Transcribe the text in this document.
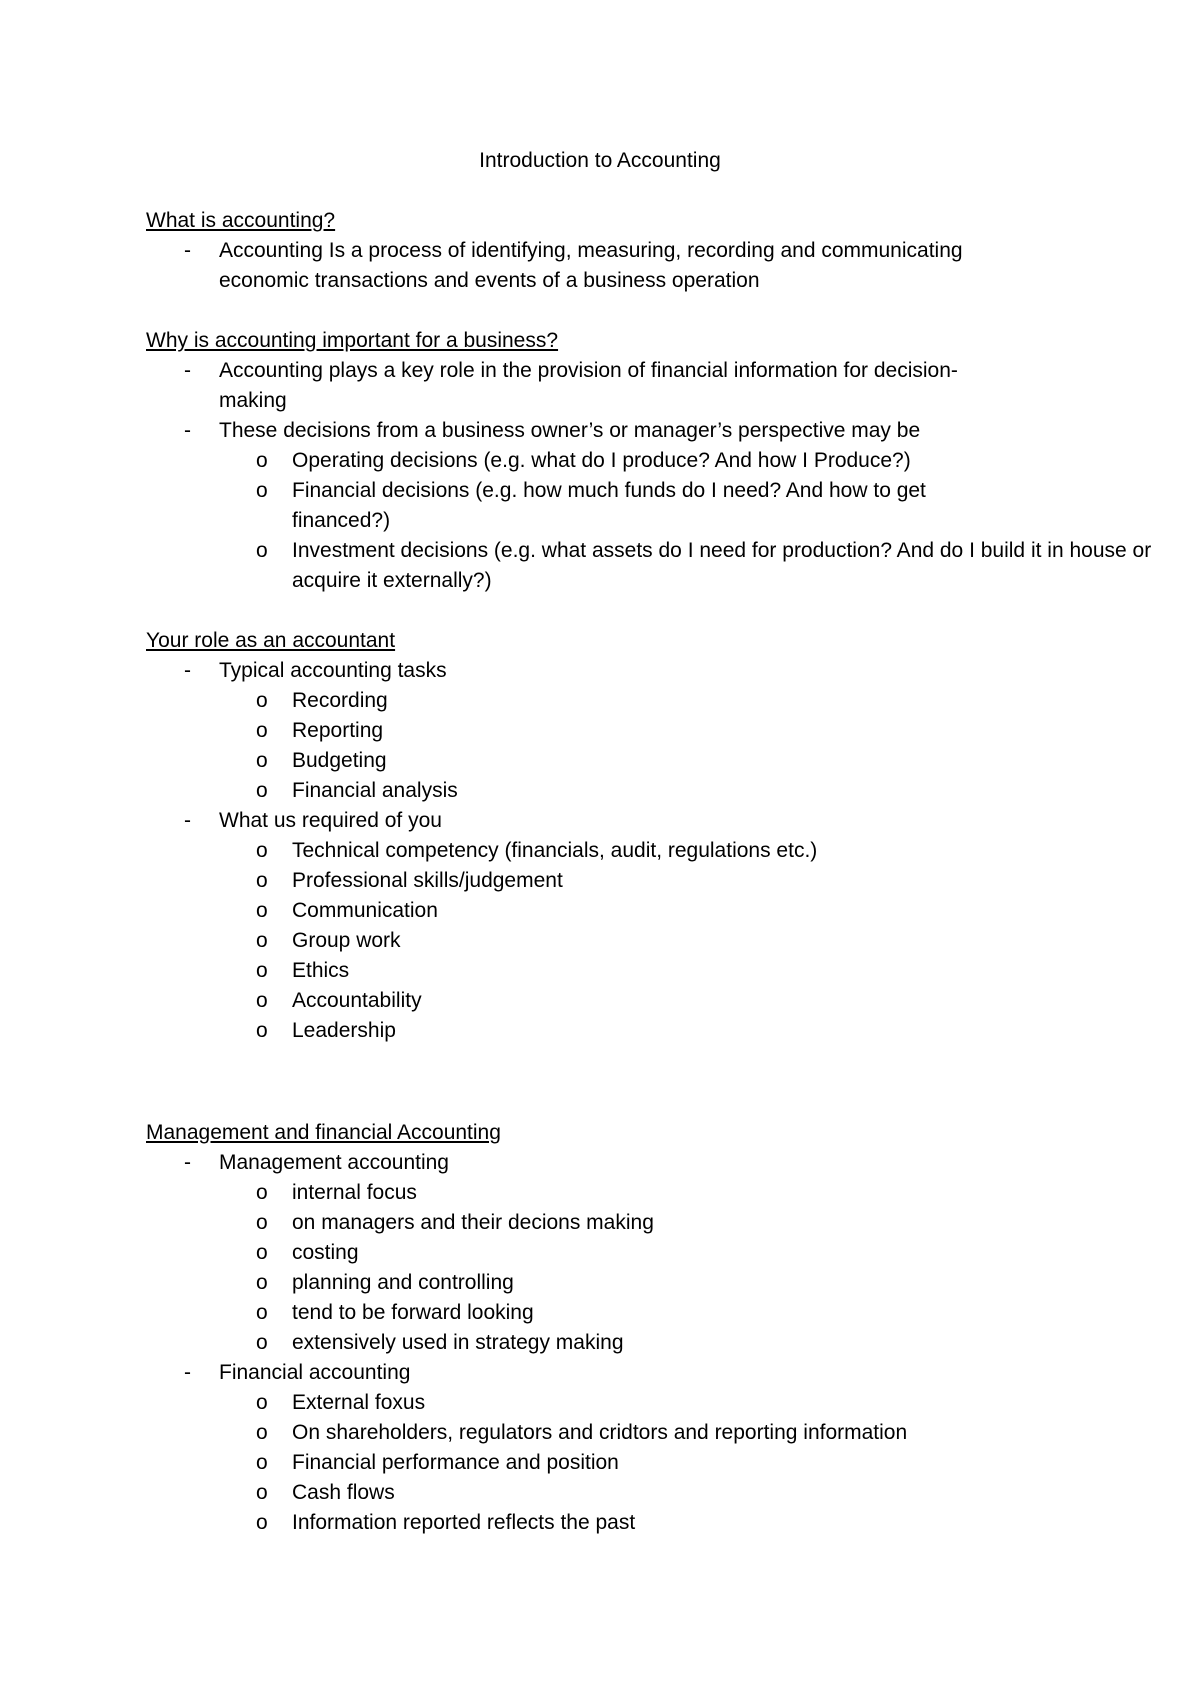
Introduction to Accounting
What is accounting?
- Accounting Is a process of identifying, measuring, recording and communicating economic transactions and events of a business operation
Why is accounting important for a business?
- Accounting plays a key role in the provision of financial information for decision-making
- These decisions from a business owner’s or manager’s perspective may be
o Operating decisions (e.g. what do I produce? And how I Produce?)
o Financial decisions (e.g. how much funds do I need? And how to get financed?)
o Investment decisions (e.g. what assets do I need for production? And do I build it in house or acquire it externally?)
Your role as an accountant
- Typical accounting tasks
o Recording
o Reporting
o Budgeting
o Financial analysis
- What us required of you
o Technical competency (financials, audit, regulations etc.)
o Professional skills/judgement
o Communication
o Group work
o Ethics
o Accountability
o Leadership
Management and financial Accounting
- Management accounting
o internal focus
o on managers and their decions making
o costing
o planning and controlling
o tend to be forward looking
o extensively used in strategy making
- Financial accounting
o External foxus
o On shareholders, regulators and cridtors and reporting information
o Financial performance and position
o Cash flows
o Information reported reflects the past
